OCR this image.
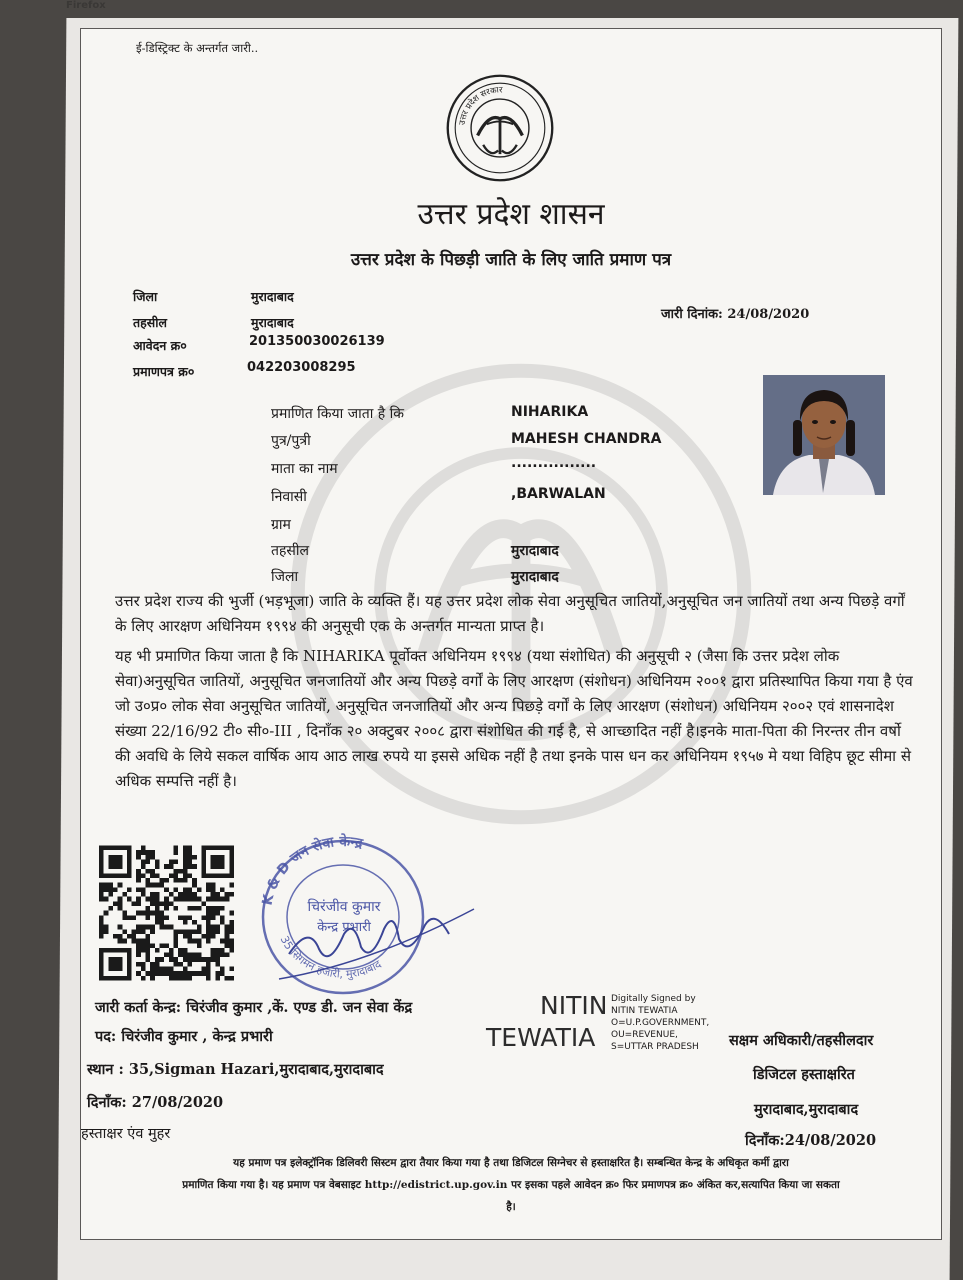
Firefox
ई-डिस्ट्रिक्ट के अन्तर्गत जारी..
उत्तर प्रदेश सरकार
उत्तर प्रदेश शासन
उत्तर प्रदेश के पिछड़ी जाति के लिए जाति प्रमाण पत्र
जिला	मुरादाबाद
तहसील	मुरादाबाद
आवेदन क्र०	201350030026139
प्रमाणपत्र क्र०	042203008295
जारी दिनांक: 24/08/2020
प्रमाणित किया जाता है कि	NIHARIKA
पुत्र/पुत्री	MAHESH CHANDRA
माता का नाम	................
निवासी	,BARWALAN
ग्राम
तहसील	मुरादाबाद
जिला	मुरादाबाद
उत्तर प्रदेश राज्य की भुर्जी (भड़भूजा) जाति के व्यक्ति हैं। यह उत्तर प्रदेश लोक सेवा अनुसूचित जातियों,अनुसूचित जन जातियों तथा अन्य पिछड़े वर्गों के लिए आरक्षण अधिनियम १९९४ की अनुसूची एक के अन्तर्गत मान्यता प्राप्त है।
यह भी प्रमाणित किया जाता है कि NIHARIKA पूर्वोक्त अधिनियम १९९४ (यथा संशोधित) की अनुसूची २ (जैसा कि उत्तर प्रदेश लोक सेवा)अनुसूचित जातियों, अनुसूचित जनजातियों और अन्य पिछड़े वर्गों के लिए आरक्षण (संशोधन) अधिनियम २००१ द्वारा प्रतिस्थापित किया गया है एंव जो उ०प्र० लोक सेवा अनुसूचित जातियों, अनुसूचित जनजातियों और अन्य पिछड़े वर्गों के लिए आरक्षण (संशोधन) अधिनियम २००२ एवं शासनादेश संख्या 22/16/92 टी० सी०-III , दिनाँक २० अक्टुबर २००८ द्वारा संशोधित की गई है, से आच्छादित नहीं है।इनके माता-पिता की निरन्तर तीन वर्षो की अवधि के लिये सकल वार्षिक आय आठ लाख रुपये या इससे अधिक नहीं है तथा इनके पास धन कर अधिनियम १९५७ मे यथा विहिप छूट सीमा से अधिक सम्पत्ति नहीं है।
K & D जन सेवा केन्द्र
35 सिगमन हजारी, मुरादाबाद
चिरंजीव कुमार
केन्द्र प्रभारी
जारी कर्ता केन्द्र: चिरंजीव कुमार ,कें. एण्ड डी. जन सेवा केंद्र
पद: चिरंजीव कुमार , केन्द्र प्रभारी
स्थान : 35,Sigman Hazari,मुरादाबाद,मुरादाबाद
दिनाँक: 27/08/2020
हस्ताक्षर एंव मुहर
NITIN
TEWATIA
Digitally Signed by
NITIN TEWATIA
O=U.P.GOVERNMENT,
OU=REVENUE,
S=UTTAR PRADESH	सक्षम अधिकारी/तहसीलदार
डिजिटल हस्ताक्षरित
मुरादाबाद,मुरादाबाद
दिनाँक:24/08/2020
यह प्रमाण पत्र इलेक्ट्रॉनिक डिलिवरी सिस्टम द्वारा तैयार किया गया है तथा डिजिटल सिग्नेचर से हस्ताक्षरित है। सम्बन्धित केन्द्र के अधिकृत कर्मी द्वारा
प्रमाणित किया गया है। यह प्रमाण पत्र वेबसाइट http://edistrict.up.gov.in पर इसका पहले आवेदन क्र० फिर प्रमाणपत्र क्र० अंकित कर,सत्यापित किया जा सकता
है।
